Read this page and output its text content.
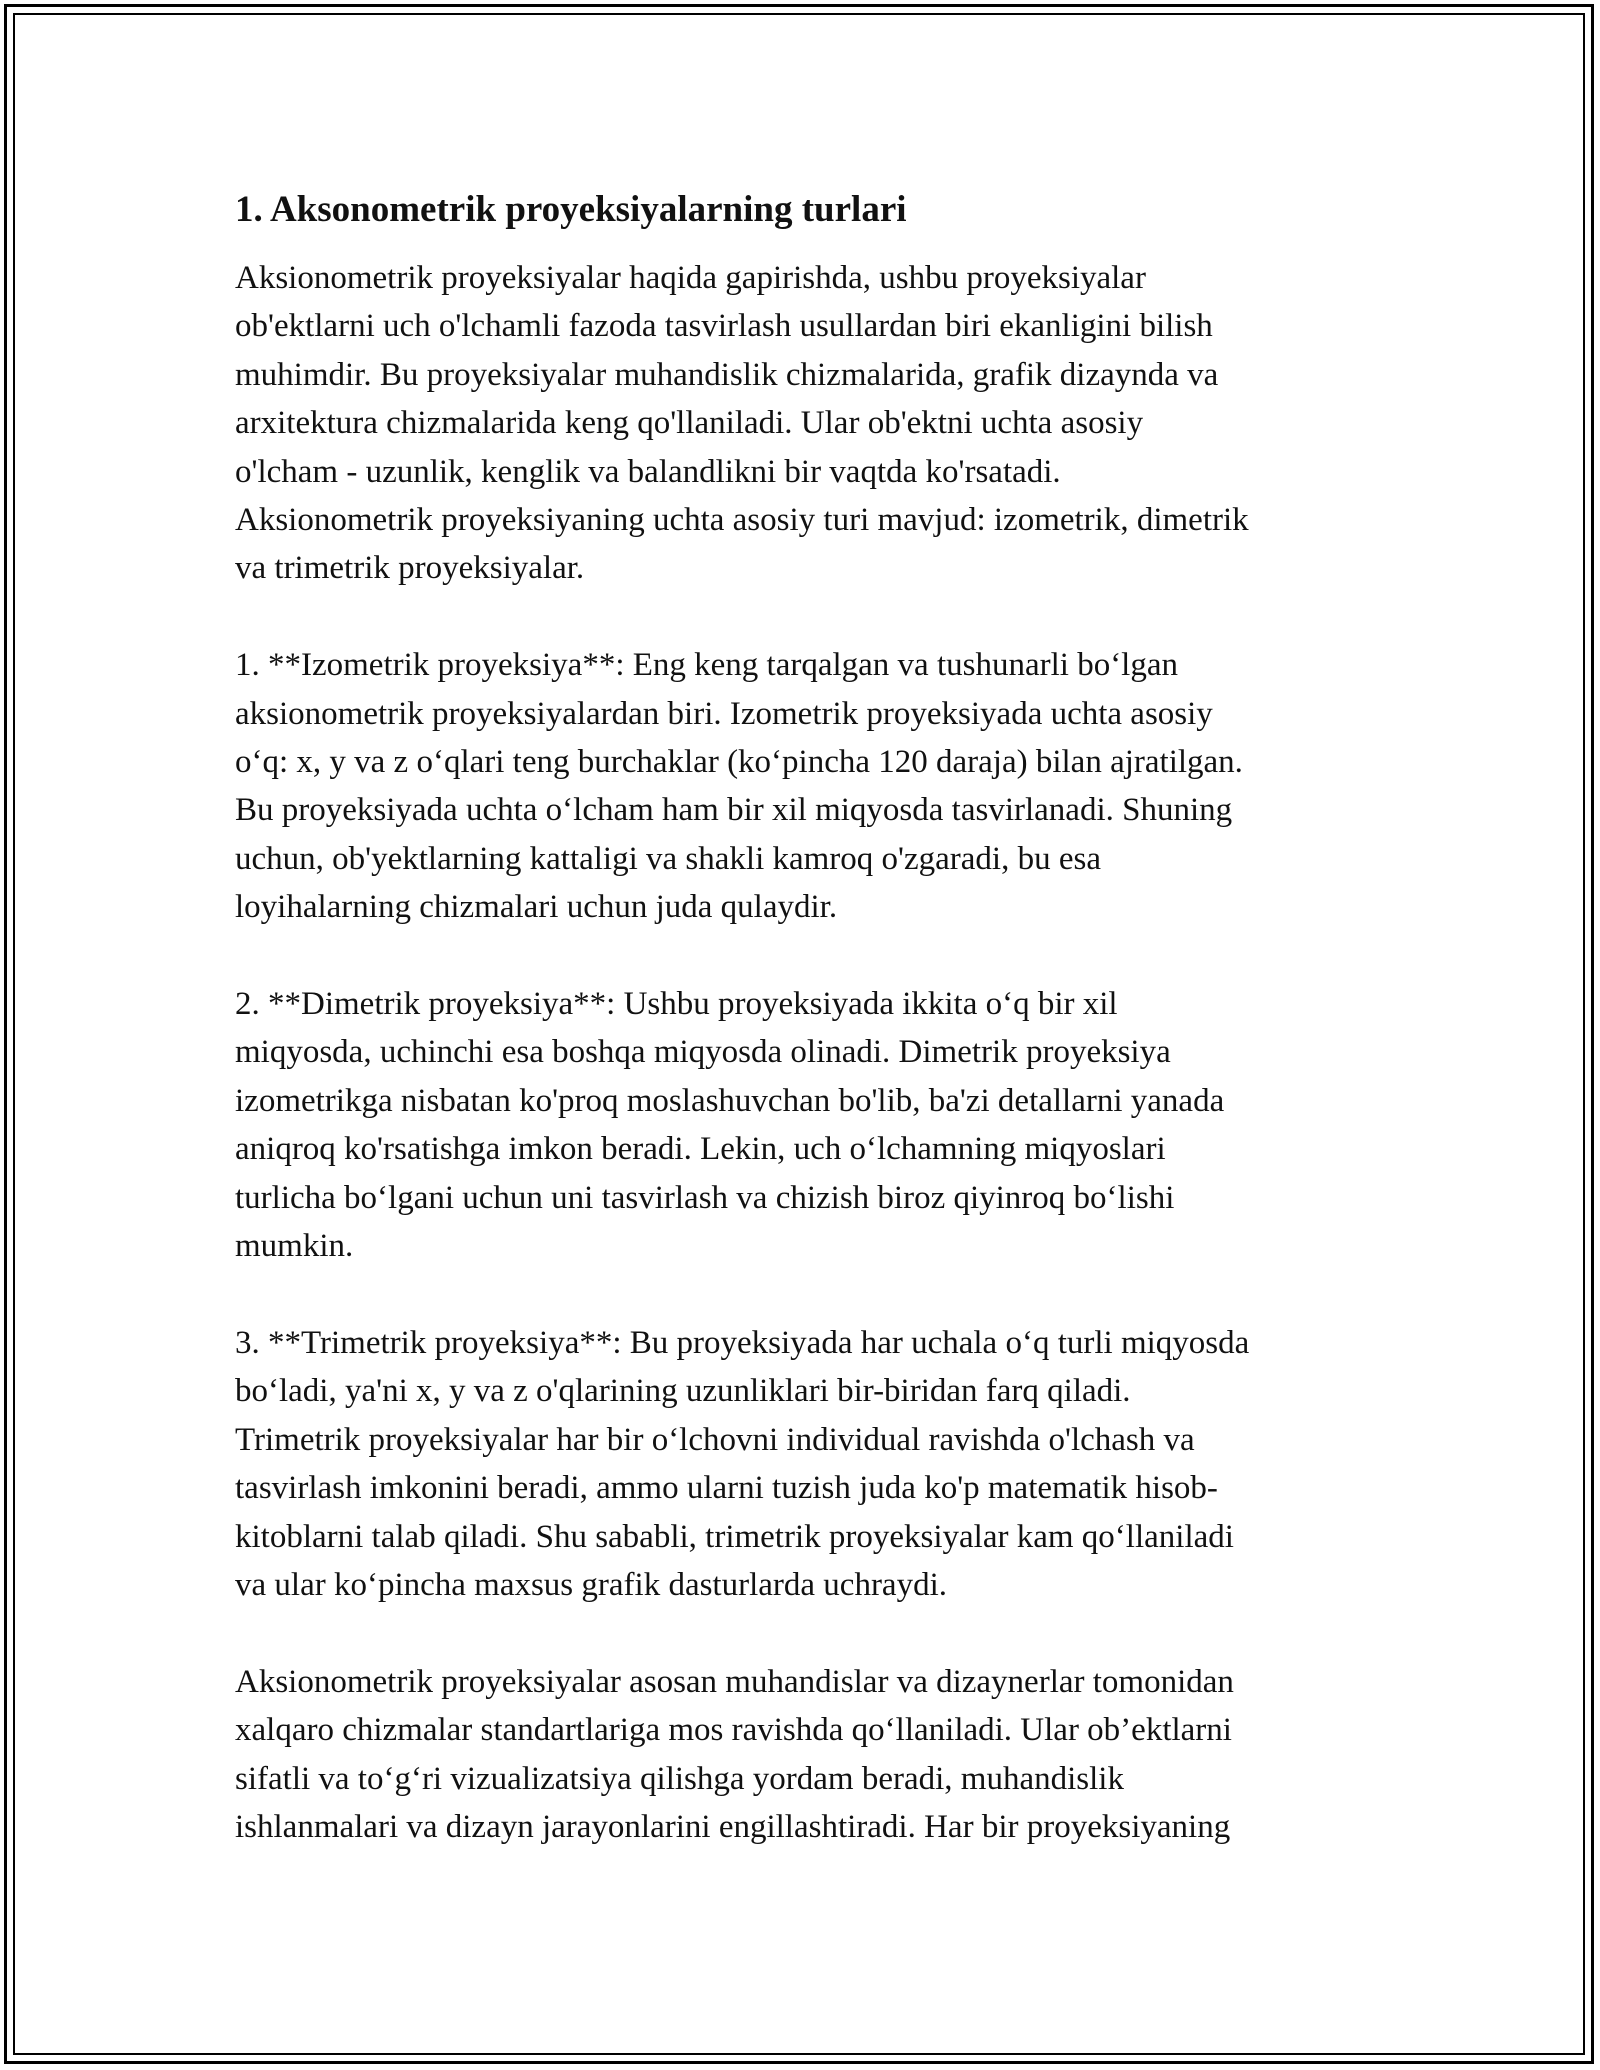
1. Aksonometrik proyeksiyalarning turlari

Aksionometrik proyeksiyalar haqida gapirishda, ushbu proyeksiyalar
ob'ektlarni uch o'lchamli fazoda tasvirlash usullardan biri ekanligini bilish
muhimdir. Bu proyeksiyalar muhandislik chizmalarida, grafik dizaynda va
arxitektura chizmalarida keng qo'llaniladi. Ular ob'ektni uchta asosiy
o'lcham - uzunlik, kenglik va balandlikni bir vaqtda ko'rsatadi.
Aksionometrik proyeksiyaning uchta asosiy turi mavjud: izometrik, dimetrik
va trimetrik proyeksiyalar.

1. **Izometrik proyeksiya**: Eng keng tarqalgan va tushunarli bo‘lgan
aksionometrik proyeksiyalardan biri. Izometrik proyeksiyada uchta asosiy
o‘q: x, y va z o‘qlari teng burchaklar (ko‘pincha 120 daraja) bilan ajratilgan.
Bu proyeksiyada uchta o‘lcham ham bir xil miqyosda tasvirlanadi. Shuning
uchun, ob'yektlarning kattaligi va shakli kamroq o'zgaradi, bu esa
loyihalarning chizmalari uchun juda qulaydir.

2. **Dimetrik proyeksiya**: Ushbu proyeksiyada ikkita o‘q bir xil
miqyosda, uchinchi esa boshqa miqyosda olinadi. Dimetrik proyeksiya
izometrikga nisbatan ko'proq moslashuvchan bo'lib, ba'zi detallarni yanada
aniqroq ko'rsatishga imkon beradi. Lekin, uch o‘lchamning miqyoslari
turlicha bo‘lgani uchun uni tasvirlash va chizish biroz qiyinroq bo‘lishi
mumkin.

3. **Trimetrik proyeksiya**: Bu proyeksiyada har uchala o‘q turli miqyosda
bo‘ladi, ya'ni x, y va z o'qlarining uzunliklari bir-biridan farq qiladi.
Trimetrik proyeksiyalar har bir o‘lchovni individual ravishda o'lchash va
tasvirlash imkonini beradi, ammo ularni tuzish juda ko'p matematik hisob-
kitoblarni talab qiladi. Shu sababli, trimetrik proyeksiyalar kam qo‘llaniladi
va ular ko‘pincha maxsus grafik dasturlarda uchraydi.

Aksionometrik proyeksiyalar asosan muhandislar va dizaynerlar tomonidan
xalqaro chizmalar standartlariga mos ravishda qo‘llaniladi. Ular ob’ektlarni
sifatli va to‘g‘ri vizualizatsiya qilishga yordam beradi, muhandislik
ishlanmalari va dizayn jarayonlarini engillashtiradi. Har bir proyeksiyaning
